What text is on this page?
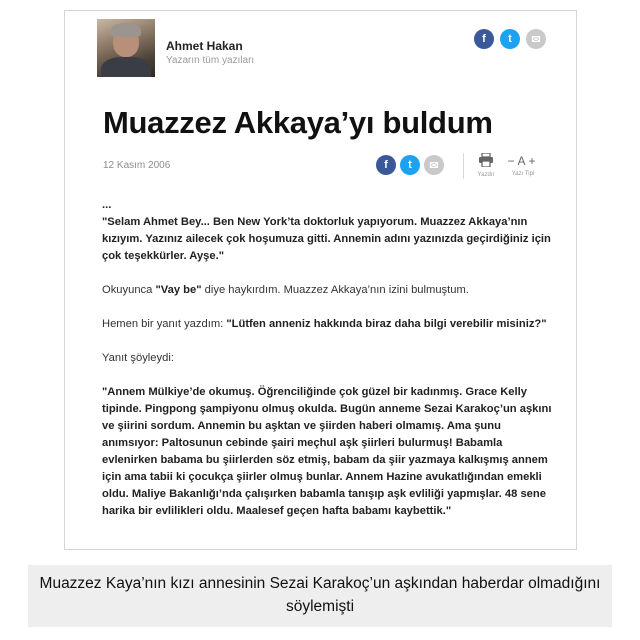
Ahmet Hakan
Yazarın tüm yazıları
f	t	✉
Muazzez Akkaya’yı buldum
12 Kasım 2006	f	t	✉
Yazdır
−A+
Yazı Tipi

...

"Selam Ahmet Bey... Ben New York’ta doktorluk yapıyorum. Muazzez Akkaya’nın kızıyım. Yazınız ailecek çok hoşumuza gitti. Annemin adını yazınızda geçirdiğiniz için çok teşekkürler. Ayşe."

Okuyunca "Vay be" diye haykırdım. Muazzez Akkaya’nın izini bulmuştum.

Hemen bir yanıt yazdım: "Lütfen anneniz hakkında biraz daha bilgi verebilir misiniz?"

Yanıt şöyleydi:

"Annem Mülkiye’de okumuş. Öğrenciliğinde çok güzel bir kadınmış. Grace Kelly tipinde. Pingpong şampiyonu olmuş okulda. Bugün anneme Sezai Karakoç’un aşkını ve şiirini sordum. Annemin bu aşktan ve şiirden haberi olmamış. Ama şunu anımsıyor: Paltosunun cebinde şairi meçhul aşk şiirleri bulurmuş! Babamla evlenirken babama bu şiirlerden söz etmiş, babam da şiir yazmaya kalkışmış annem için ama tabii ki çocukça şiirler olmuş bunlar. Annem Hazine avukatlığından emekli oldu. Maliye Bakanlığı’nda çalışırken babamla tanışıp aşk evliliği yapmışlar. 48 sene harika bir evlilikleri oldu. Maalesef geçen hafta babamı kaybettik."

Muazzez Kaya’nın kızı annesinin Sezai Karakoç’un aşkından haberdar olmadığını söylemişti
